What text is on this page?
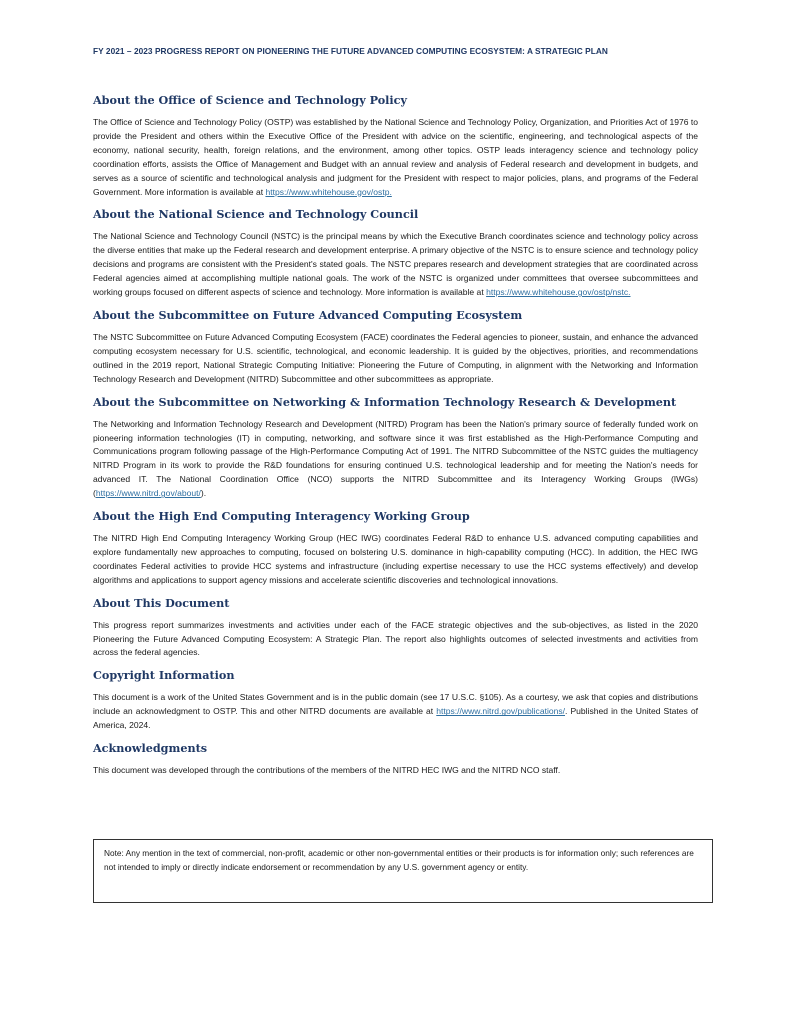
FY 2021 – 2023 PROGRESS REPORT ON PIONEERING THE FUTURE ADVANCED COMPUTING ECOSYSTEM: A STRATEGIC PLAN
About the Office of Science and Technology Policy

The Office of Science and Technology Policy (OSTP) was established by the National Science and Technology Policy, Organization, and Priorities Act of 1976 to provide the President and others within the Executive Office of the President with advice on the scientific, engineering, and technological aspects of the economy, national security, health, foreign relations, and the environment, among other topics. OSTP leads interagency science and technology policy coordination efforts, assists the Office of Management and Budget with an annual review and analysis of Federal research and development in budgets, and serves as a source of scientific and technological analysis and judgment for the President with respect to major policies, plans, and programs of the Federal Government. More information is available at https://www.whitehouse.gov/ostp.

About the National Science and Technology Council

The National Science and Technology Council (NSTC) is the principal means by which the Executive Branch coordinates science and technology policy across the diverse entities that make up the Federal research and development enterprise. A primary objective of the NSTC is to ensure science and technology policy decisions and programs are consistent with the President's stated goals. The NSTC prepares research and development strategies that are coordinated across Federal agencies aimed at accomplishing multiple national goals. The work of the NSTC is organized under committees that oversee subcommittees and working groups focused on different aspects of science and technology. More information is available at https://www.whitehouse.gov/ostp/nstc.

About the Subcommittee on Future Advanced Computing Ecosystem

The NSTC Subcommittee on Future Advanced Computing Ecosystem (FACE) coordinates the Federal agencies to pioneer, sustain, and enhance the advanced computing ecosystem necessary for U.S. scientific, technological, and economic leadership. It is guided by the objectives, priorities, and recommendations outlined in the 2019 report, National Strategic Computing Initiative: Pioneering the Future of Computing, in alignment with the Networking and Information Technology Research and Development (NITRD) Subcommittee and other subcommittees as appropriate.

About the Subcommittee on Networking & Information Technology Research & Development

The Networking and Information Technology Research and Development (NITRD) Program has been the Nation's primary source of federally funded work on pioneering information technologies (IT) in computing, networking, and software since it was first established as the High-Performance Computing and Communications program following passage of the High-Performance Computing Act of 1991. The NITRD Subcommittee of the NSTC guides the multiagency NITRD Program in its work to provide the R&D foundations for ensuring continued U.S. technological leadership and for meeting the Nation's needs for advanced IT. The National Coordination Office (NCO) supports the NITRD Subcommittee and its Interagency Working Groups (IWGs) (https://www.nitrd.gov/about/).

About the High End Computing Interagency Working Group

The NITRD High End Computing Interagency Working Group (HEC IWG) coordinates Federal R&D to enhance U.S. advanced computing capabilities and explore fundamentally new approaches to computing, focused on bolstering U.S. dominance in high-capability computing (HCC). In addition, the HEC IWG coordinates Federal activities to provide HCC systems and infrastructure (including expertise necessary to use the HCC systems effectively) and develop algorithms and applications to support agency missions and accelerate scientific discoveries and technological innovations.

About This Document

This progress report summarizes investments and activities under each of the FACE strategic objectives and the sub-objectives, as listed in the 2020 Pioneering the Future Advanced Computing Ecosystem: A Strategic Plan. The report also highlights outcomes of selected investments and activities from across the federal agencies.

Copyright Information

This document is a work of the United States Government and is in the public domain (see 17 U.S.C. §105). As a courtesy, we ask that copies and distributions include an acknowledgment to OSTP. This and other NITRD documents are available at https://www.nitrd.gov/publications/. Published in the United States of America, 2024.

Acknowledgments

This document was developed through the contributions of the members of the NITRD HEC IWG and the NITRD NCO staff.

Note: Any mention in the text of commercial, non-profit, academic or other non-governmental entities or their products is for information only; such references are not intended to imply or directly indicate endorsement or recommendation by any U.S. government agency or entity.
